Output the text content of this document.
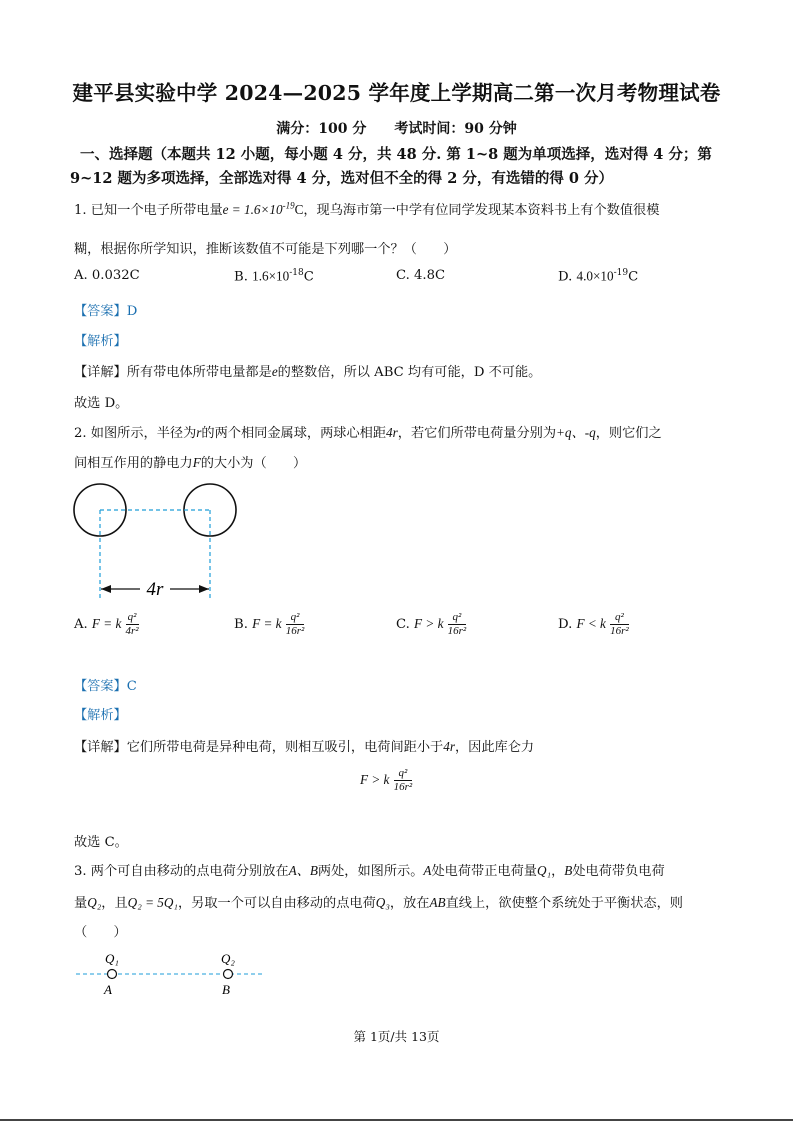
建平县实验中学 2024—2025 学年度上学期高二第一次月考物理试卷
满分：100 分　　考试时间：90 分钟
一、选择题（本题共 12 小题，每小题 4 分，共 48 分. 第 1~8 题为单项选择，选对得 4 分；第
9~12 题为多项选择，全部选对得 4 分，选对但不全的得 2 分，有选错的得 0 分）
1. 已知一个电子所带电量$e = 1.6\times 10^{-19}C$，现乌海市第一中学有位同学发现某本资料书上有个数值很模
糊，根据你所学知识，推断该数值不可能是下列哪一个？（　　）
A. 0.032C	B. $1.6\times 10^{-18}C$	C. 4.8C	D. $4.0\times 10^{-19}C$
【答案】D
【解析】
【详解】所有带电体所带电量都是e的整数倍，所以 ABC 均有可能，D 不可能。
故选 D。
2. 如图所示，半径为r的两个相同金属球，两球心相距4r，若它们所带电荷量分别为+q、-q，则它们之
间相互作用的静电力F的大小为（　　）
4r
A. F = k $\frac{\text{q²}}{\text{4r²}}$	B. F = k $\frac{\text{q²}}{\text{16r²}}$	C. F > k $\frac{\text{q²}}{\text{16r²}}$	D. F < k $\frac{\text{q²}}{\text{16r²}}$
【答案】C
【解析】
【详解】它们所带电荷是异种电荷，则相互吸引，电荷间距小于4r，因此库仑力
F > k $\frac{\text{q²}}{\text{16r²}}$
故选 C。
3. 两个可自由移动的点电荷分别放在A、B两处，如图所示。A处电荷带正电荷量Q₁，B处电荷带负电荷
量Q₂，且Q₂ = 5Q₁，另取一个可以自由移动的点电荷Q₃，放在AB直线上，欲使整个系统处于平衡状态，则
（　　）
Q₁	Q₂
A	B
第 1页/共 13页
